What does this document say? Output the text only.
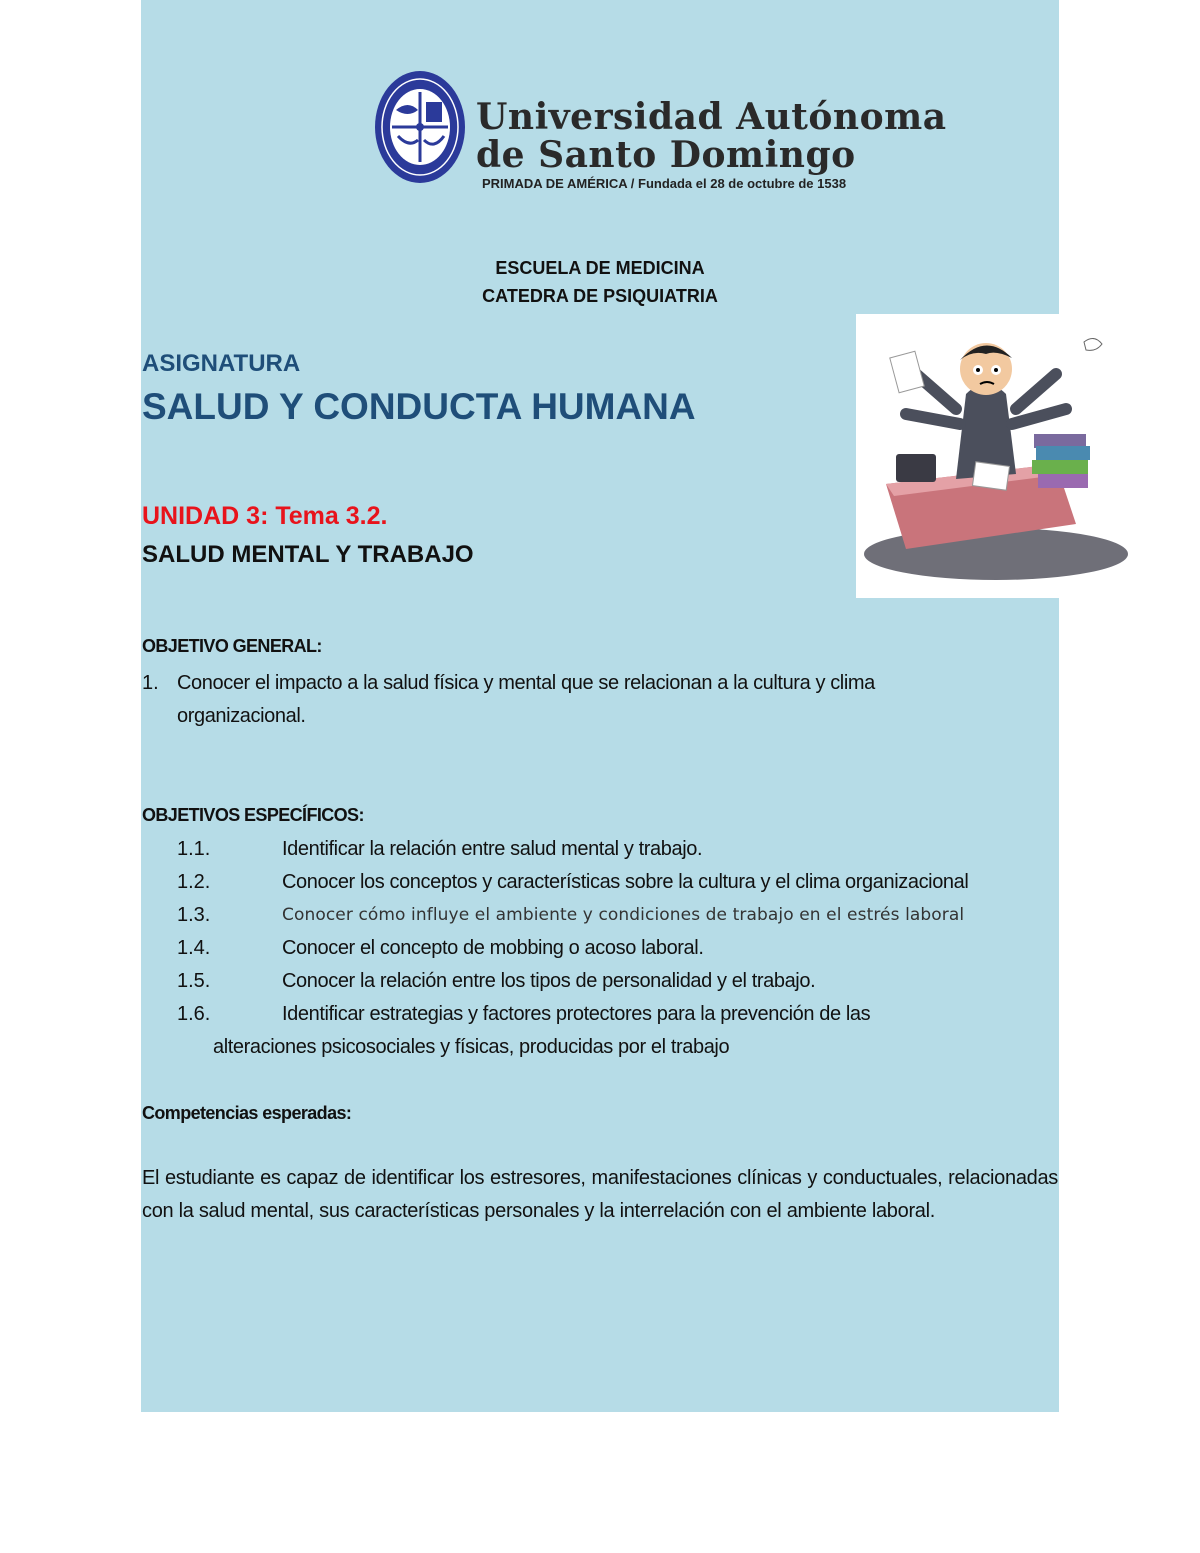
Universidad Autónoma
de Santo Domingo
PRIMADA DE AMÉRICA / Fundada el 28 de octubre de 1538
ESCUELA DE MEDICINA
CATEDRA DE PSIQUIATRIA
ASIGNATURA
SALUD Y CONDUCTA HUMANA
UNIDAD 3: Tema 3.2.
SALUD MENTAL Y TRABAJO
OBJETIVO GENERAL:
1. Conocer el impacto a la salud física y mental que se relacionan a la cultura y clima
organizacional.
OBJETIVOS ESPECÍFICOS:
1.1.	Identificar la relación entre salud mental y trabajo.
1.2.	Conocer los conceptos y características sobre la cultura y el clima organizacional
1.3.	Conocer cómo influye el ambiente y condiciones de trabajo en el estrés laboral
1.4.	Conocer el concepto de mobbing o acoso laboral.
1.5.	Conocer la relación entre los tipos de personalidad y el trabajo.
1.6.	Identificar estrategias y factores protectores para la prevención de las
alteraciones psicosociales y físicas, producidas por el trabajo
Competencias esperadas:
El estudiante es capaz de identificar los estresores, manifestaciones clínicas y conductuales, relacionadas con la salud mental, sus características personales y la interrelación con el ambiente laboral.
